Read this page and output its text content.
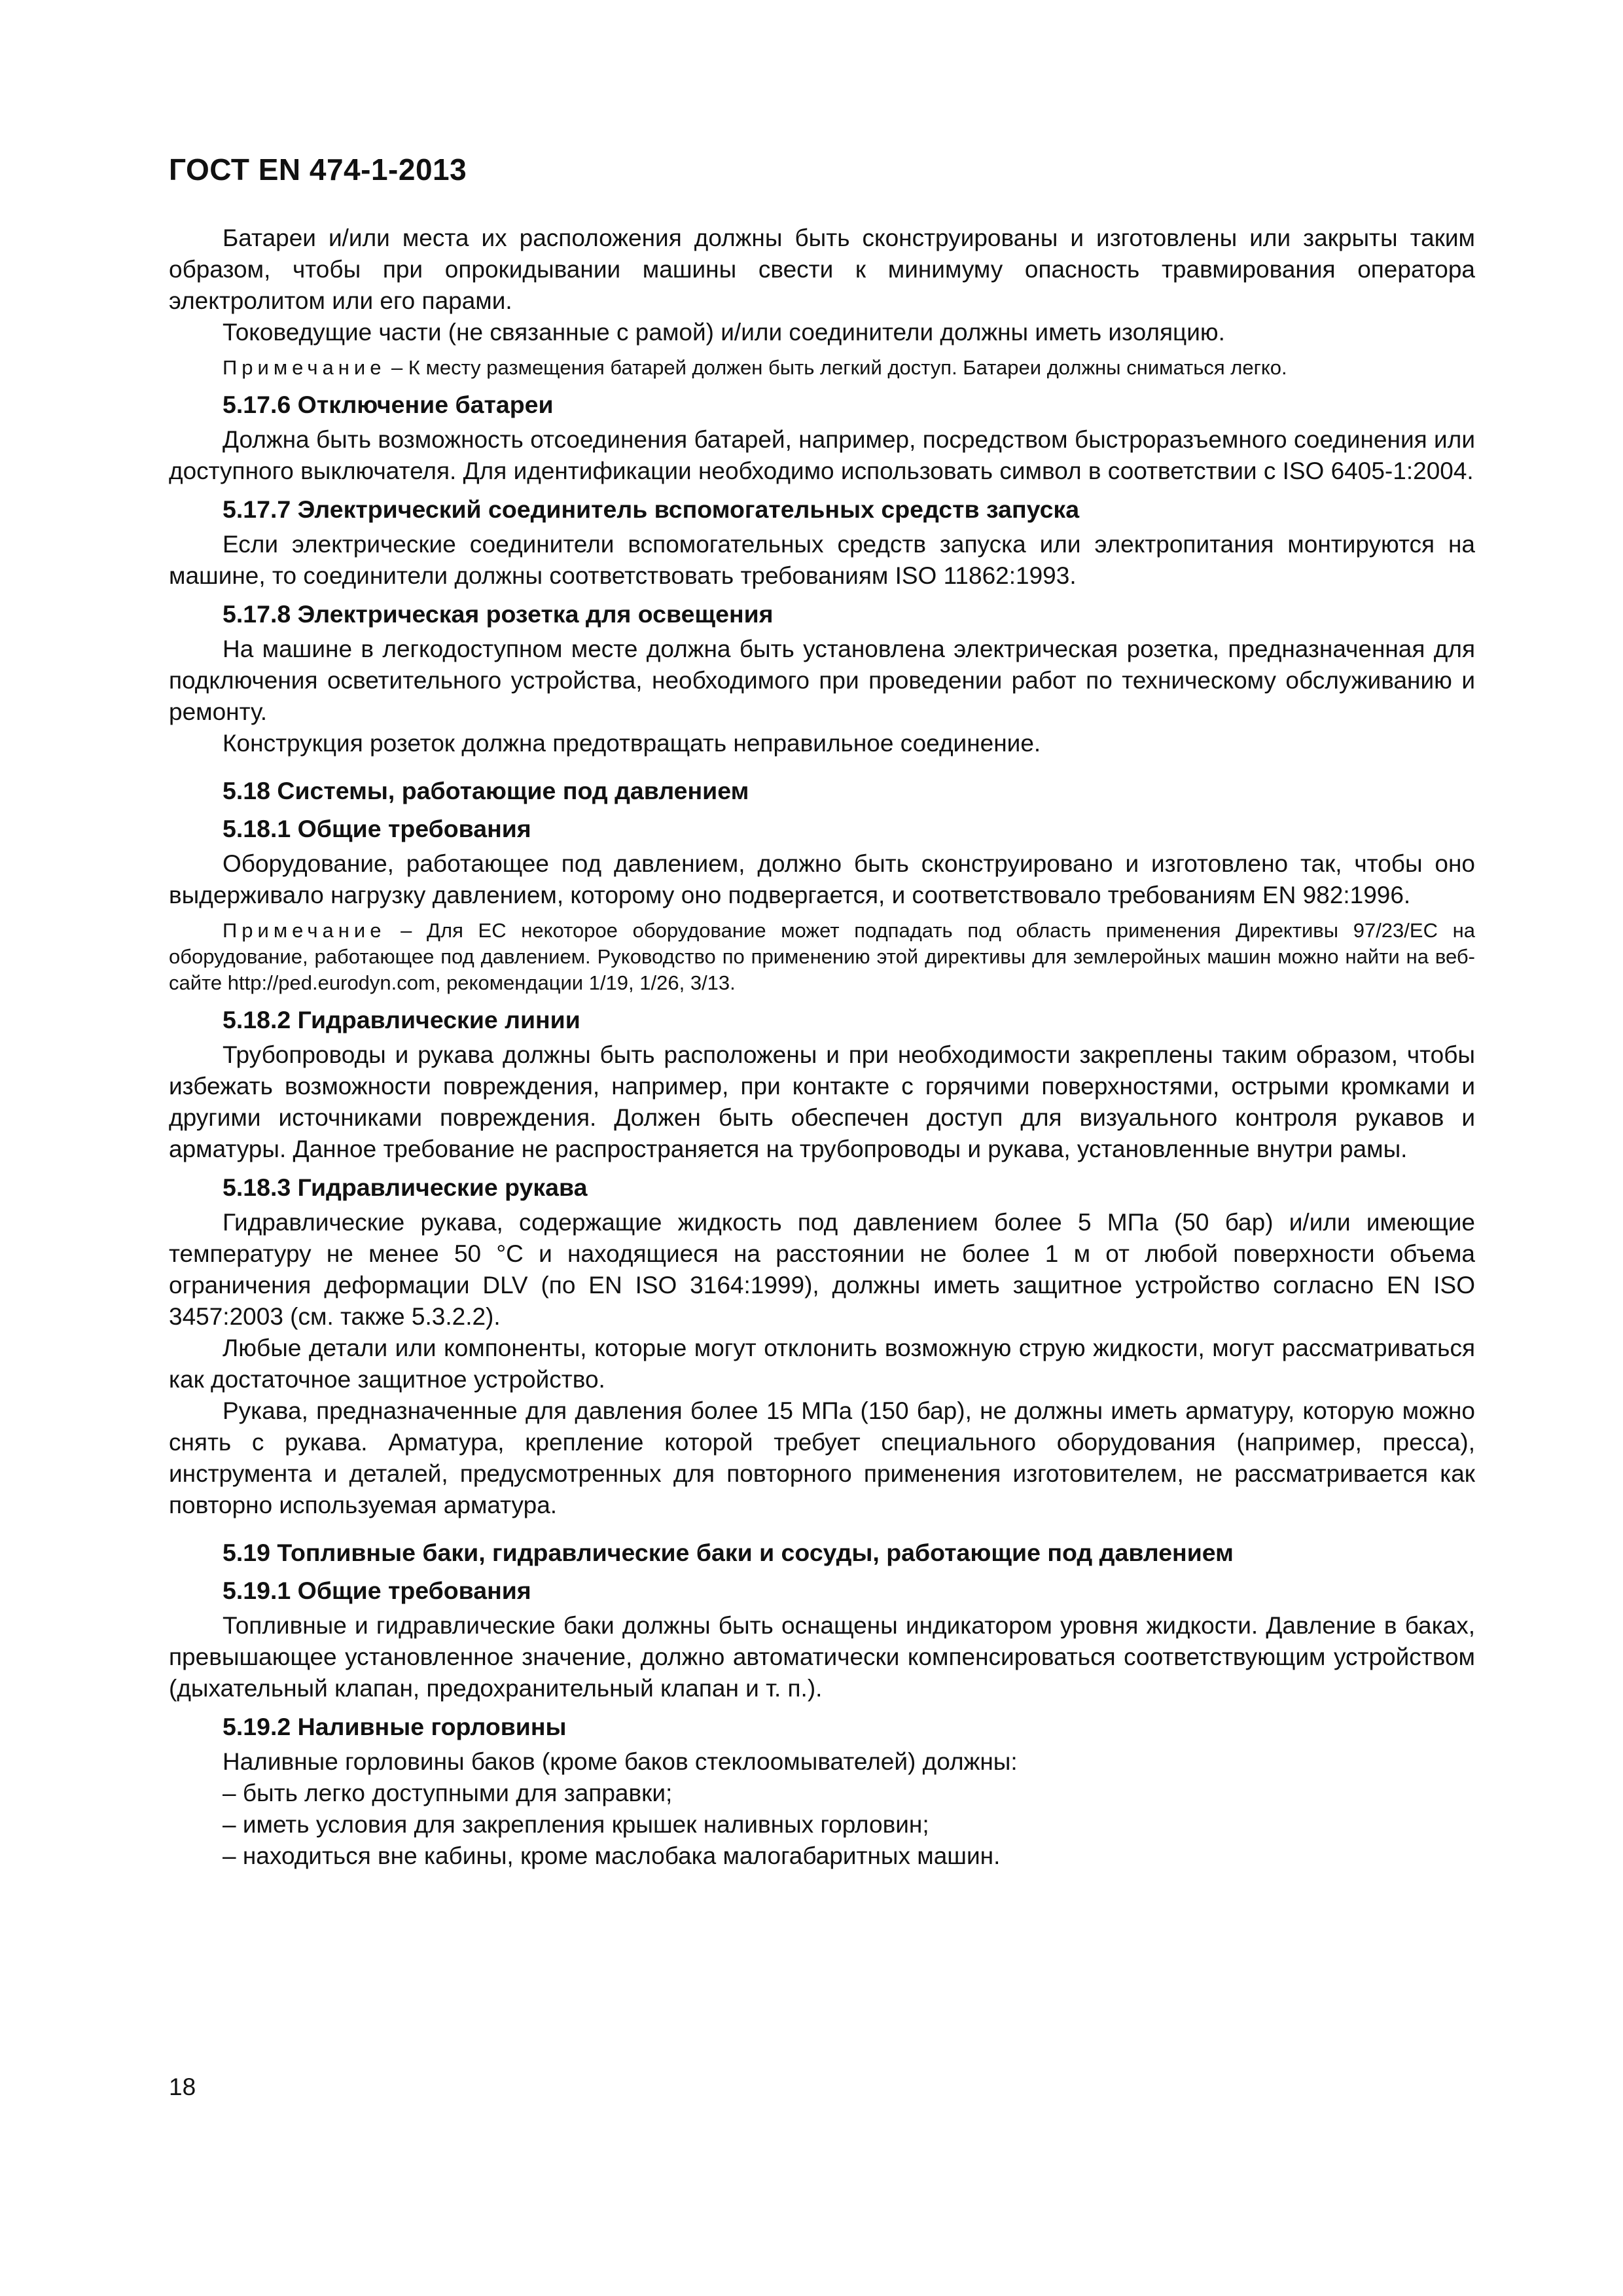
ГОСТ EN 474-1-2013
Батареи и/или места их расположения должны быть сконструированы и изготовлены или закрыты таким образом, чтобы при опрокидывании машины свести к минимуму опасность травмирования оператора электролитом или его парами.
Токоведущие части (не связанные с рамой) и/или соединители должны иметь изоляцию.
Примечание – К месту размещения батарей должен быть легкий доступ. Батареи должны сниматься легко.
5.17.6 Отключение батареи
Должна быть возможность отсоединения батарей, например, посредством быстроразъемного соединения или доступного выключателя. Для идентификации необходимо использовать символ в соответствии с ISO 6405-1:2004.
5.17.7 Электрический соединитель вспомогательных средств запуска
Если электрические соединители вспомогательных средств запуска или электропитания монтируются на машине, то соединители должны соответствовать требованиям ISO 11862:1993.
5.17.8 Электрическая розетка для освещения
На машине в легкодоступном месте должна быть установлена электрическая розетка, предназначенная для подключения осветительного устройства, необходимого при проведении работ по техническому обслуживанию и ремонту.
Конструкция розеток должна предотвращать неправильное соединение.
5.18 Системы, работающие под давлением
5.18.1 Общие требования
Оборудование, работающее под давлением, должно быть сконструировано и изготовлено так, чтобы оно выдерживало нагрузку давлением, которому оно подвергается, и соответствовало требованиям EN 982:1996.
Примечание – Для ЕС некоторое оборудование может подпадать под область применения Директивы 97/23/EC на оборудование, работающее под давлением. Руководство по применению этой директивы для землеройных машин можно найти на веб-сайте http://ped.eurodyn.com, рекомендации 1/19, 1/26, 3/13.
5.18.2 Гидравлические линии
Трубопроводы и рукава должны быть расположены и при необходимости закреплены таким образом, чтобы избежать возможности повреждения, например, при контакте с горячими поверхностями, острыми кромками и другими источниками повреждения. Должен быть обеспечен доступ для визуального контроля рукавов и арматуры. Данное требование не распространяется на трубопроводы и рукава, установленные внутри рамы.
5.18.3 Гидравлические рукава
Гидравлические рукава, содержащие жидкость под давлением более 5 МПа (50 бар) и/или имеющие температуру не менее 50 °C и находящиеся на расстоянии не более 1 м от любой поверхности объема ограничения деформации DLV (по EN ISO 3164:1999), должны иметь защитное устройство согласно EN ISO 3457:2003 (см. также 5.3.2.2).
Любые детали или компоненты, которые могут отклонить возможную струю жидкости, могут рассматриваться как достаточное защитное устройство.
Рукава, предназначенные для давления более 15 МПа (150 бар), не должны иметь арматуру, которую можно снять с рукава. Арматура, крепление которой требует специального оборудования (например, пресса), инструмента и деталей, предусмотренных для повторного применения изготовителем, не рассматривается как повторно используемая арматура.
5.19 Топливные баки, гидравлические баки и сосуды, работающие под давлением
5.19.1 Общие требования
Топливные и гидравлические баки должны быть оснащены индикатором уровня жидкости. Давление в баках, превышающее установленное значение, должно автоматически компенсироваться соответствующим устройством (дыхательный клапан, предохранительный клапан и т. п.).
5.19.2 Наливные горловины
Наливные горловины баков (кроме баков стеклоомывателей) должны:
– быть легко доступными для заправки;
– иметь условия для закрепления крышек наливных горловин;
– находиться вне кабины, кроме маслобака малогабаритных машин.
18
